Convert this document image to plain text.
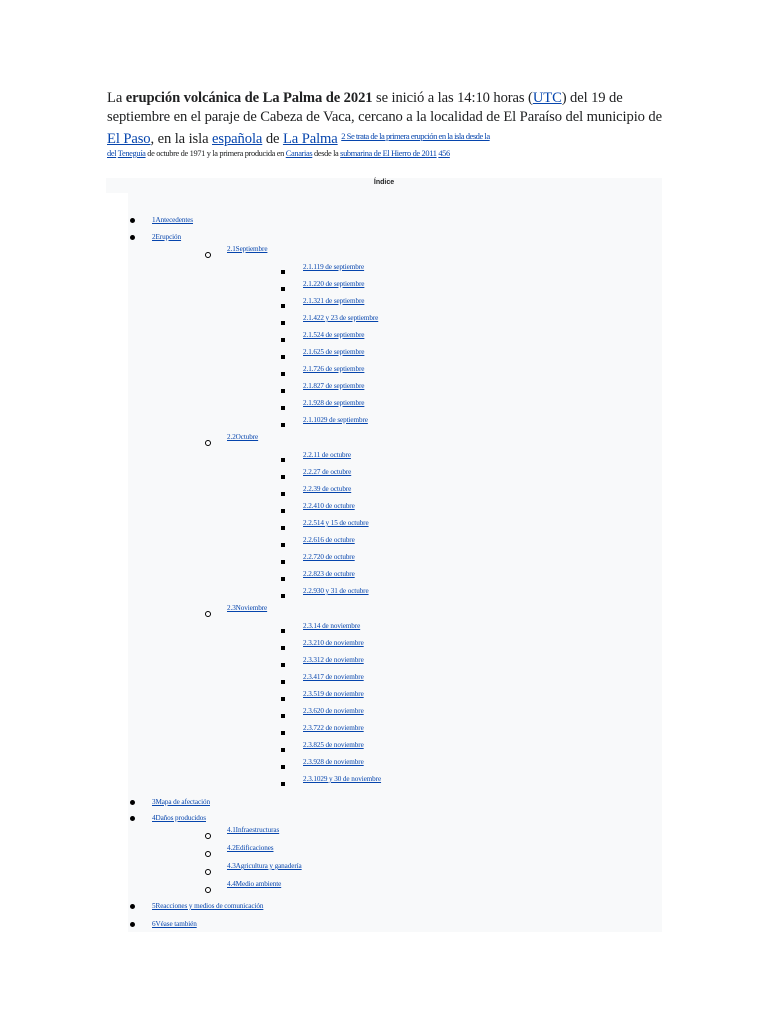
La erupción volcánica de La Palma de 2021 se inició a las 14:10 horas (UTC) del 19 de septiembre en el paraje de Cabeza de Vaca, cercano a la localidad de El Paraíso del municipio de El Paso, en la isla española de La Palma $^{2 Se trata de la primera erupción en la isla desde la}$
del Teneguía de octubre de 1971 y la primera producida en Canarias desde la submarina de El Hierro de 2011 456
Índice
1Antecedentes
2Erupción
2.1Septiembre
2.1.119 de septiembre
2.1.220 de septiembre
2.1.321 de septiembre
2.1.422 y 23 de septiembre
2.1.524 de septiembre
2.1.625 de septiembre
2.1.726 de septiembre
2.1.827 de septiembre
2.1.928 de septiembre
2.1.1029 de septiembre
2.2Octubre
2.2.11 de octubre
2.2.27 de octubre
2.2.39 de octubre
2.2.410 de octubre
2.2.514 y 15 de octubre
2.2.616 de octubre
2.2.720 de octubre
2.2.823 de octubre
2.2.930 y 31 de octubre
2.3Noviembre
2.3.14 de noviembre
2.3.210 de noviembre
2.3.312 de noviembre
2.3.417 de noviembre
2.3.519 de noviembre
2.3.620 de noviembre
2.3.722 de noviembre
2.3.825 de noviembre
2.3.928 de noviembre
2.3.1029 y 30 de noviembre
3Mapa de afectación
4Daños producidos
4.1Infraestructuras
4.2Edificaciones
4.3Agricultura y ganadería
4.4Medio ambiente
5Reacciones y medios de comunicación
6Véase también
